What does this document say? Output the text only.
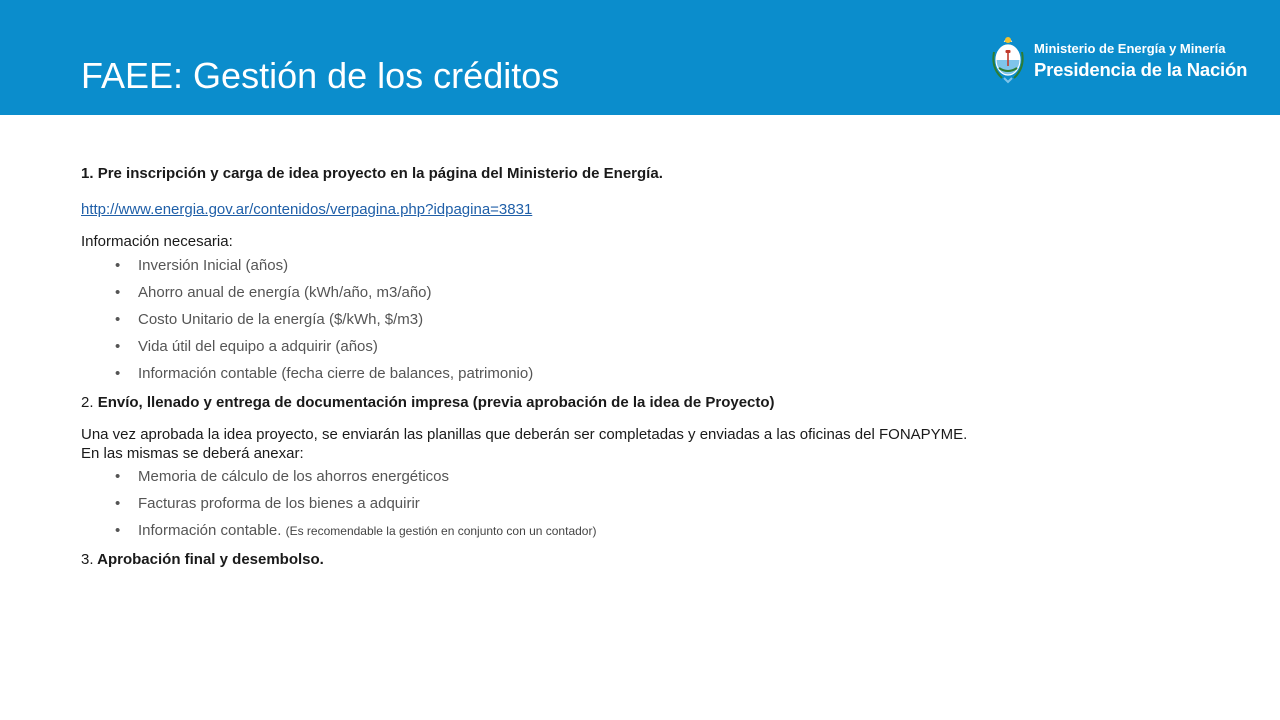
FAEE: Gestión de los créditos
Ministerio de Energía y Minería
Presidencia de la Nación

1. Pre inscripción y carga de idea proyecto en la página del Ministerio de Energía.

http://www.energia.gov.ar/contenidos/verpagina.php?idpagina=3831

Información necesaria:

• Inversión Inicial (años)
• Ahorro anual de energía (kWh/año, m3/año)
• Costo Unitario de la energía ($/kWh, $/m3)
• Vida útil del equipo a adquirir (años)
• Información contable (fecha cierre de balances, patrimonio)

2. Envío, llenado y entrega de documentación impresa (previa aprobación de la idea de Proyecto)

Una vez aprobada la idea proyecto, se enviarán las planillas que deberán ser completadas y enviadas a las oficinas del FONAPYME. En las mismas se deberá anexar:

• Memoria de cálculo de los ahorros energéticos
• Facturas proforma de los bienes a adquirir
• Información contable. (Es recomendable la gestión en conjunto con un contador)

3. Aprobación final y desembolso.
